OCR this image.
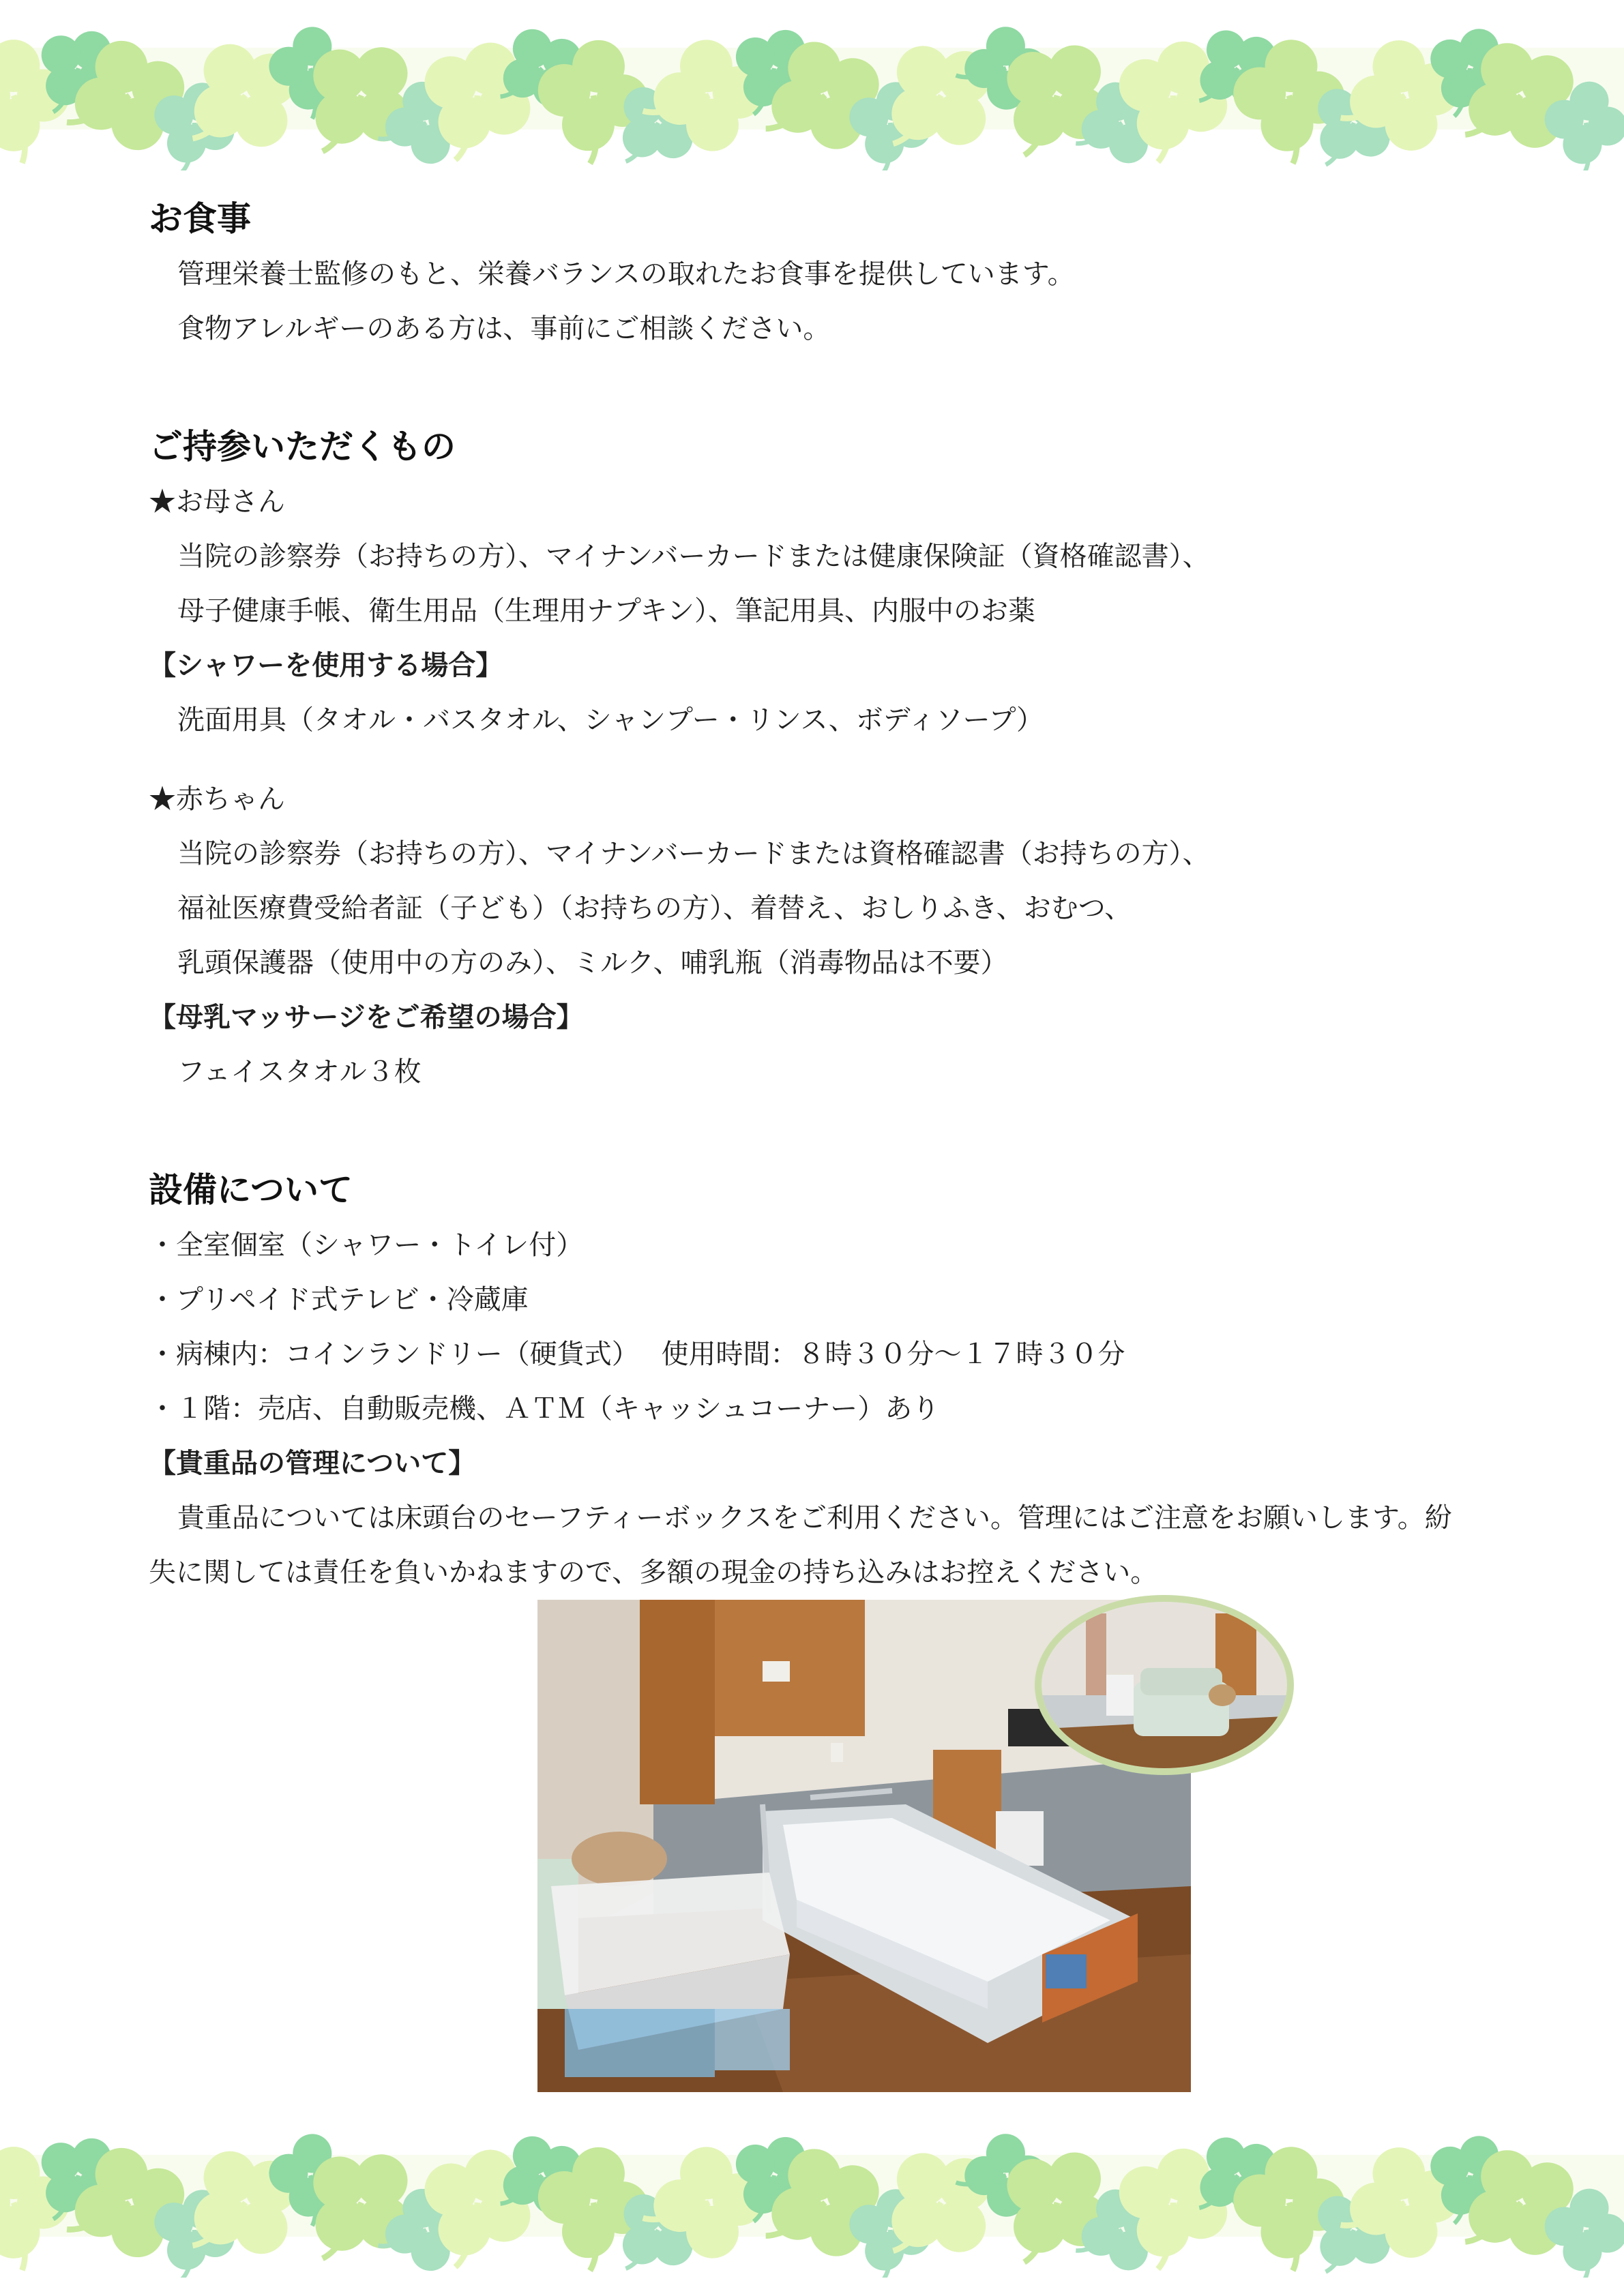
お食事

管理栄養士監修のもと、栄養バランスの取れたお食事を提供しています。

食物アレルギーのある方は、事前にご相談ください。

ご持参いただくもの

★お母さん

当院の診察券（お持ちの方）、マイナンバーカードまたは健康保険証（資格確認書）、

母子健康手帳、衛生用品（生理用ナプキン）、筆記用具、内服中のお薬

【シャワーを使用する場合】

洗面用具（タオル・バスタオル、シャンプー・リンス、ボディソープ）

★赤ちゃん

当院の診察券（お持ちの方）、マイナンバーカードまたは資格確認書（お持ちの方）、

福祉医療費受給者証（子ども）（お持ちの方）、着替え、おしりふき、おむつ、

乳頭保護器（使用中の方のみ）、ミルク、哺乳瓶（消毒物品は不要）

【母乳マッサージをご希望の場合】

フェイスタオル３枚

設備について

・全室個室（シャワー・トイレ付）

・プリペイド式テレビ・冷蔵庫

・病棟内：コインランドリー（硬貨式）　 使用時間：８時３０分～１７時３０分

・１階：売店、自動販売機、ＡＴＭ（キャッシュコーナー）あり

【貴重品の管理について】

貴重品については床頭台のセーフティーボックスをご利用ください。管理にはご注意をお願いします。紛失に関しては責任を負いかねますので、多額の現金の持ち込みはお控えください。
